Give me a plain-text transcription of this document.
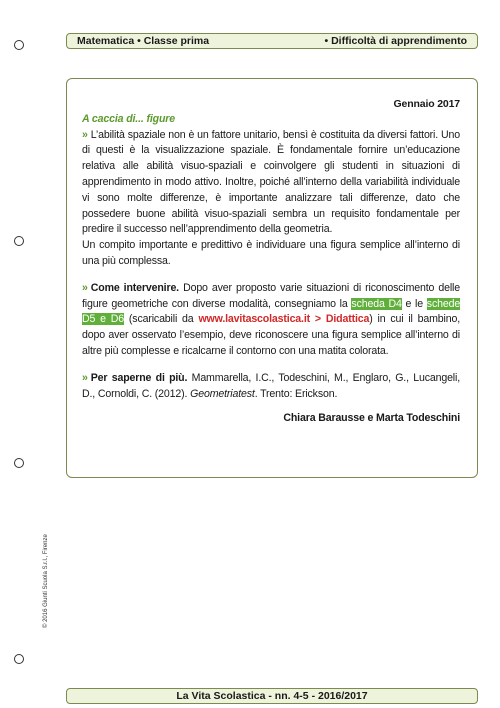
Matematica • Classe prima	• Difficoltà di apprendimento
© 2016 Giunti Scuola S.r.l., Firenze
Gennaio 2017
A caccia di... figure

» L’abilità spaziale non è un fattore unitario, bensì è costituita da diversi fattori. Uno di questi è la visualizzazione spaziale. È fondamentale fornire un’educazione relativa alle abilità visuo-spaziali e coinvolgere gli studenti in situazioni di apprendimento in modo attivo. Inoltre, poiché all’interno della variabilità individuale vi sono molte differenze, è importante analizzare tali differenze, dato che possedere buone abilità visuo-spaziali sembra un requisito fondamentale per predire il successo nell’apprendimento della geometria.

Un compito importante e predittivo è individuare una figura semplice all’interno di una più complessa.

» Come intervenire. Dopo aver proposto varie situazioni di riconoscimento delle figure geometriche con diverse modalità, consegniamo la scheda D4 e le schede D5 e D6 (scaricabili da www.lavitascolastica.it > Didattica) in cui il bambino, dopo aver osservato l’esempio, deve riconoscere una figura semplice all’interno di altre più complesse e ricalcarne il contorno con una matita colorata.

» Per saperne di più. Mammarella, I.C., Todeschini, M., Englaro, G., Lucangeli, D., Cornoldi, C. (2012). Geometriatest. Trento: Erickson.

Chiara Barausse e Marta Todeschini
La Vita Scolastica - nn. 4-5 - 2016/2017
